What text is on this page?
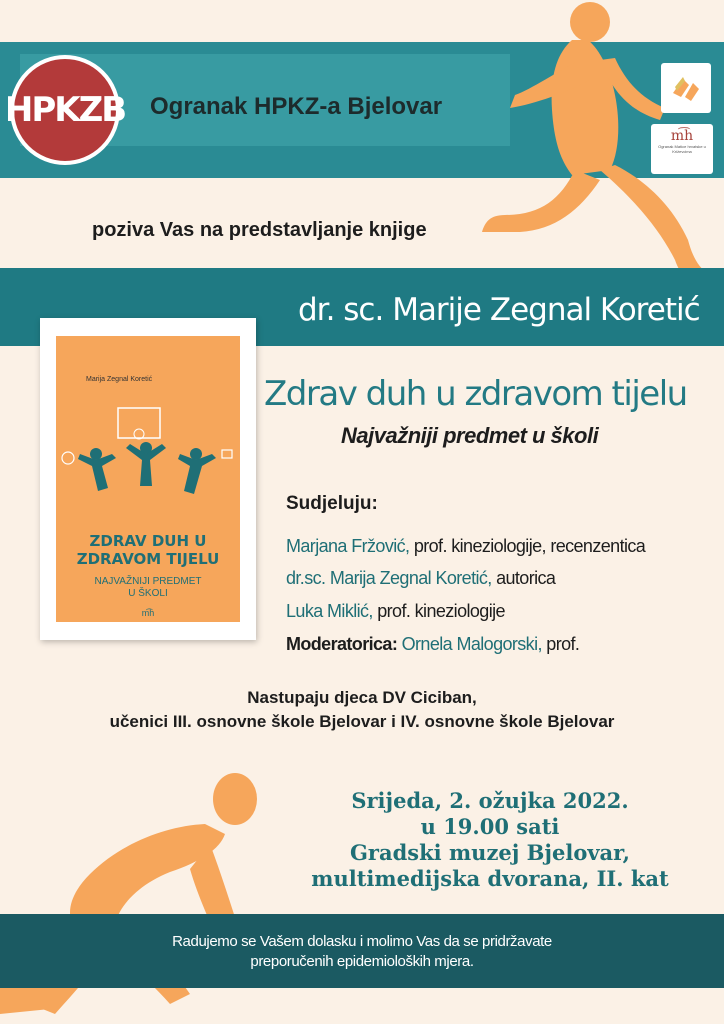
HPKZB Ogranak HPKZ-a Bjelovar
m͡h
Ogranak Matice hrvatske u Križevcima
poziva Vas na predstavljanje knjige
dr. sc. Marije Zegnal Koretić
Marija Zegnal Koretić
ZDRAV DUH U
ZDRAVOM TIJELU
NAJVAŽNIJI PREDMET
U ŠKOLI
m͡h
Zdrav duh u zdravom tijelu
Najvažniji predmet u školi
Sudjeluju:
Marjana Fržović, prof. kineziologije, recenzentica
dr.sc. Marija Zegnal Koretić, autorica
Luka Miklić, prof. kineziologije
Moderatorica: Ornela Malogorski, prof.
Nastupaju djeca DV Ciciban,
učenici III. osnovne škole Bjelovar i IV. osnovne škole Bjelovar
Srijeda, 2. ožujka 2022.
u 19.00 sati
Gradski muzej Bjelovar,
multimedijska dvorana, II. kat
Radujemo se Vašem dolasku i molimo Vas da se pridržavate
preporučenih epidemioloških mjera.
